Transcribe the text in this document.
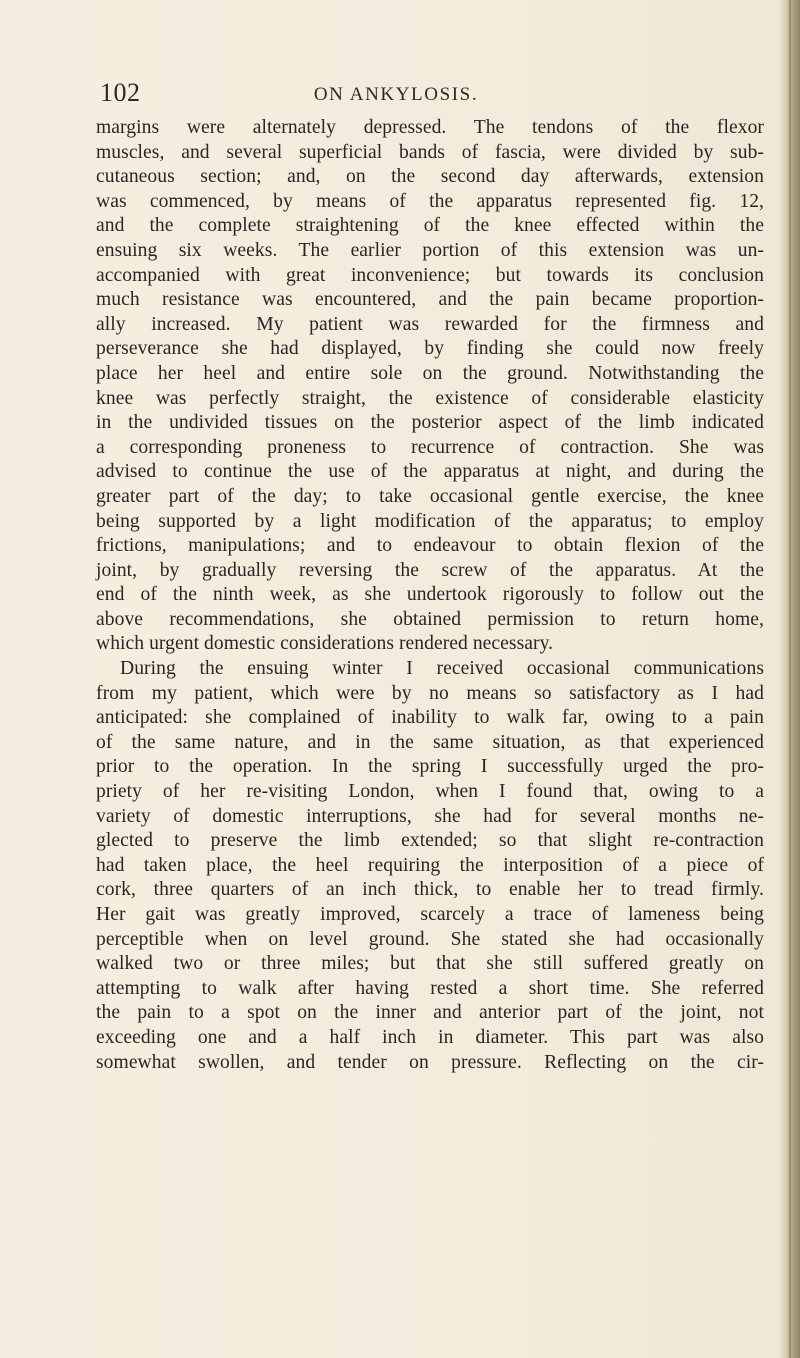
102	ON ANKYLOSIS.
margins were alternately depressed. The tendons of the flexor
muscles, and several superficial bands of fascia, were divided by sub-
cutaneous section; and, on the second day afterwards, extension
was commenced, by means of the apparatus represented fig. 12,
and the complete straightening of the knee effected within the
ensuing six weeks. The earlier portion of this extension was un-
accompanied with great inconvenience; but towards its conclusion
much resistance was encountered, and the pain became proportion-
ally increased. My patient was rewarded for the firmness and
perseverance she had displayed, by finding she could now freely
place her heel and entire sole on the ground. Notwithstanding the
knee was perfectly straight, the existence of considerable elasticity
in the undivided tissues on the posterior aspect of the limb indicated
a corresponding proneness to recurrence of contraction. She was
advised to continue the use of the apparatus at night, and during the
greater part of the day; to take occasional gentle exercise, the knee
being supported by a light modification of the apparatus; to employ
frictions, manipulations; and to endeavour to obtain flexion of the
joint, by gradually reversing the screw of the apparatus. At the
end of the ninth week, as she undertook rigorously to follow out the
above recommendations, she obtained permission to return home,
which urgent domestic considerations rendered necessary.
During the ensuing winter I received occasional communications
from my patient, which were by no means so satisfactory as I had
anticipated: she complained of inability to walk far, owing to a pain
of the same nature, and in the same situation, as that experienced
prior to the operation. In the spring I successfully urged the pro-
priety of her re-visiting London, when I found that, owing to a
variety of domestic interruptions, she had for several months ne-
glected to preserve the limb extended; so that slight re-contraction
had taken place, the heel requiring the interposition of a piece of
cork, three quarters of an inch thick, to enable her to tread firmly.
Her gait was greatly improved, scarcely a trace of lameness being
perceptible when on level ground. She stated she had occasionally
walked two or three miles; but that she still suffered greatly on
attempting to walk after having rested a short time. She referred
the pain to a spot on the inner and anterior part of the joint, not
exceeding one and a half inch in diameter. This part was also
somewhat swollen, and tender on pressure. Reflecting on the cir-
